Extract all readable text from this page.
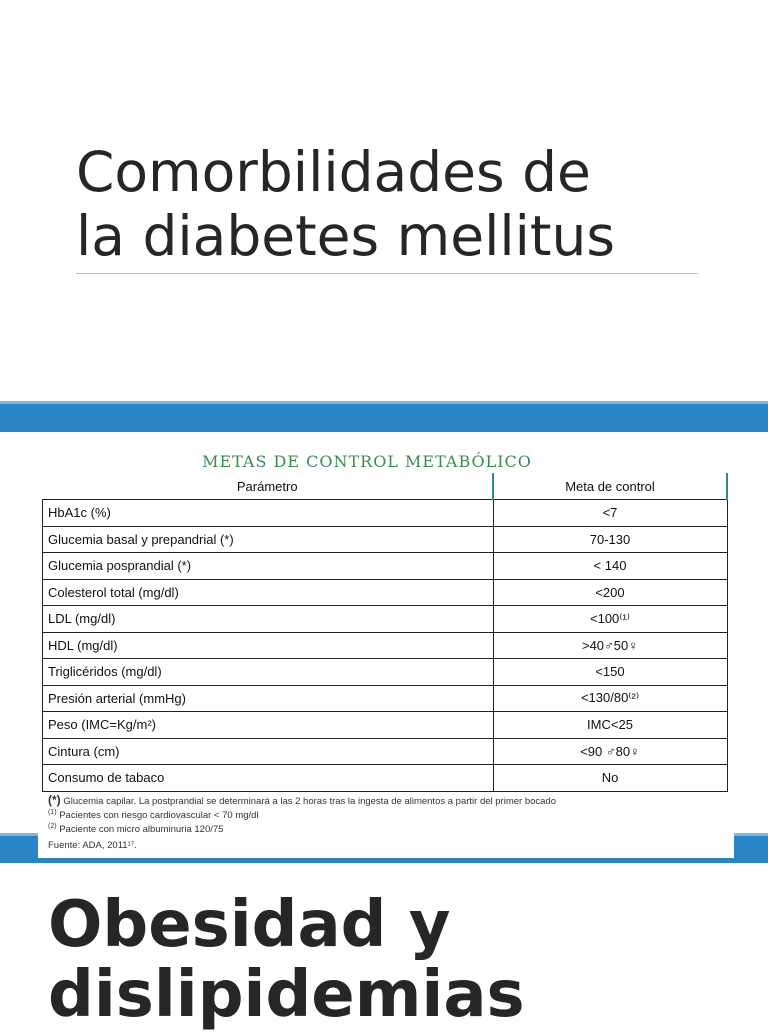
Comorbilidades de
la diabetes mellitus
METAS DE CONTROL METABÓLICO
Parámetro	Meta de control
HbA1c (%)	<7
Glucemia basal y prepandrial (*)	70-130
Glucemia posprandial (*)	< 140
Colesterol total (mg/dl)	<200
LDL (mg/dl)	<100⁽¹⁾
HDL (mg/dl)	>40♂50♀
Triglicéridos (mg/dl)	<150
Presión arterial (mmHg)	<130/80⁽²⁾
Peso (IMC=Kg/m²)	IMC<25
Cintura (cm)	<90 ♂80♀
Consumo de tabaco	No
(*) Glucemia capilar. La postprandial se determinará a las 2 horas tras la ingesta de alimentos a partir del primer bocado
$^{(1)}$ Pacientes con riesgo cardiovascular < 70 mg/dl
$^{(2)}$ Paciente con micro albuminuria 120/75
Fuente: ADA, 2011¹⁷.
Obesidad y
dislipidemias
